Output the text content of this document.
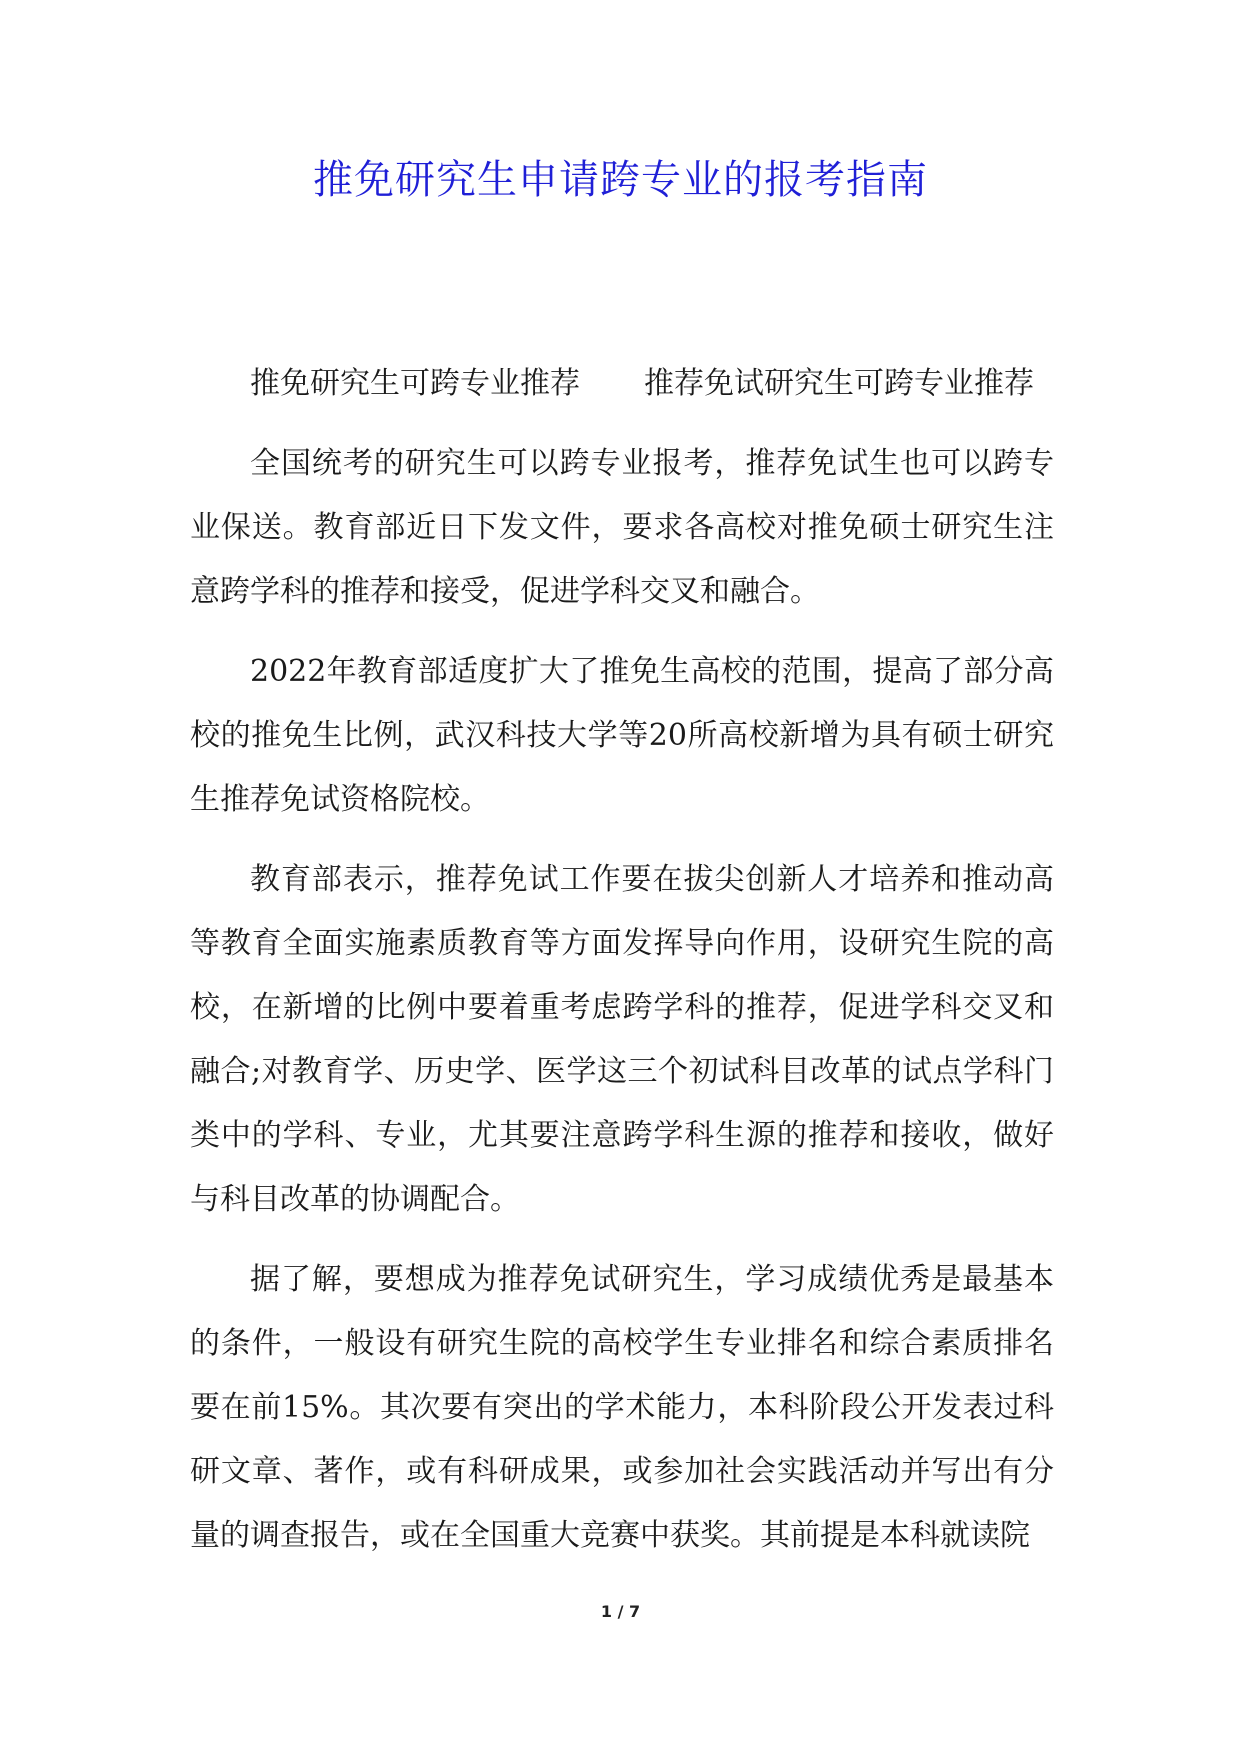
推免研究生申请跨专业的报考指南

推免研究生可跨专业推荐 推荐免试研究生可跨专业推荐

全国统考的研究生可以跨专业报考，推荐免试生也可以跨专业保送。教育部近日下发文件，要求各高校对推免硕士研究生注意跨学科的推荐和接受，促进学科交叉和融合。

2022年教育部适度扩大了推免生高校的范围，提高了部分高校的推免生比例，武汉科技大学等20所高校新增为具有硕士研究生推荐免试资格院校。

教育部表示，推荐免试工作要在拔尖创新人才培养和推动高等教育全面实施素质教育等方面发挥导向作用，设研究生院的高校，在新增的比例中要着重考虑跨学科的推荐，促进学科交叉和融合;对教育学、历史学、医学这三个初试科目改革的试点学科门类中的学科、专业，尤其要注意跨学科生源的推荐和接收，做好与科目改革的协调配合。

据了解，要想成为推荐免试研究生，学习成绩优秀是最基本的条件，一般设有研究生院的高校学生专业排名和综合素质排名要在前15%。其次要有突出的学术能力，本科阶段公开发表过科研文章、著作，或有科研成果，或参加社会实践活动并写出有分量的调查报告，或在全国重大竞赛中获奖。其前提是本科就读院

1 / 7
